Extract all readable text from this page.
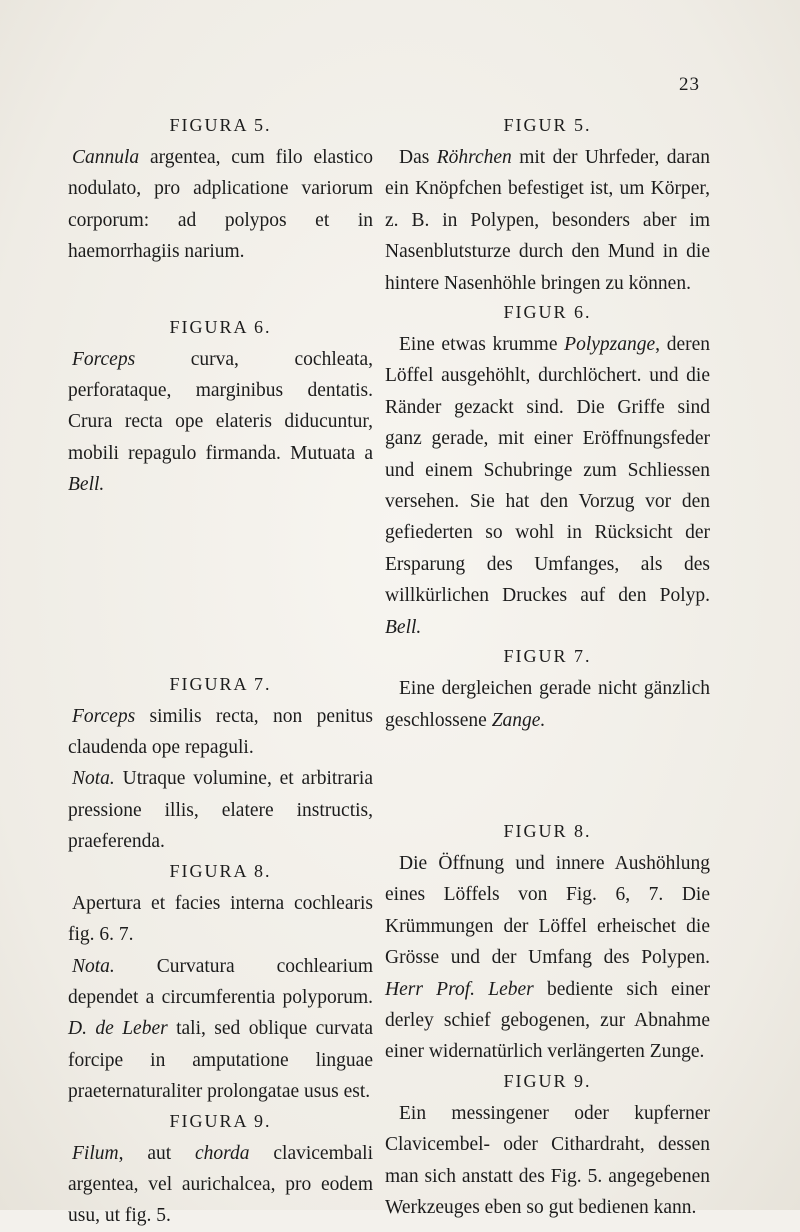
23
FIGURA 5.

Cannula argentea, cum filo elastico nodulato, pro adplicatione variorum corporum: ad polypos et in haemorrhagiis narium.

FIGURA 6.

Forceps curva, cochleata, perforataque, marginibus dentatis. Crura recta ope elateris diducuntur, mobili repagulo firmanda. Mutuata a Bell.

FIGURA 7.

Forceps similis recta, non penitus claudenda ope repaguli.

Nota. Utraque volumine, et arbitraria pressione illis, elatere instructis, praeferenda.

FIGURA 8.

Apertura et facies interna cochlearis fig. 6. 7.

Nota. Curvatura cochlearium dependet a circumferentia polyporum. D. de Leber tali, sed oblique curvata forcipe in amputatione linguae praeternaturaliter prolongatae usus est.

FIGURA 9.

Filum, aut chorda clavicembali argentea, vel aurichalcea, pro eodem usu, ut fig. 5.

FIGUR 5.

Das Röhrchen mit der Uhrfeder, daran ein Knöpfchen befestiget ist, um Körper, z. B. in Polypen, besonders aber im Nasenblutsturze durch den Mund in die hintere Nasenhöhle bringen zu können.

FIGUR 6.

Eine etwas krumme Polypzange, deren Löffel ausgehöhlt, durchlöchert. und die Ränder gezackt sind. Die Griffe sind ganz gerade, mit einer Eröffnungsfeder und einem Schubringe zum Schliessen versehen. Sie hat den Vorzug vor den gefiederten so wohl in Rücksicht der Ersparung des Umfanges, als des willkürlichen Druckes auf den Polyp. Bell.

FIGUR 7.

Eine dergleichen gerade nicht gänzlich geschlossene Zange.

FIGUR 8.

Die Öffnung und innere Aushöhlung eines Löffels von Fig. 6, 7. Die Krümmungen der Löffel erheischet die Grösse und der Umfang des Polypen. Herr Prof. Leber bediente sich einer derley schief gebogenen, zur Abnahme einer widernatürlich verlängerten Zunge.

FIGUR 9.

Ein messingener oder kupferner Clavicembel- oder Cithardraht, dessen man sich anstatt des Fig. 5. angegebenen Werkzeuges eben so gut bedienen kann.
